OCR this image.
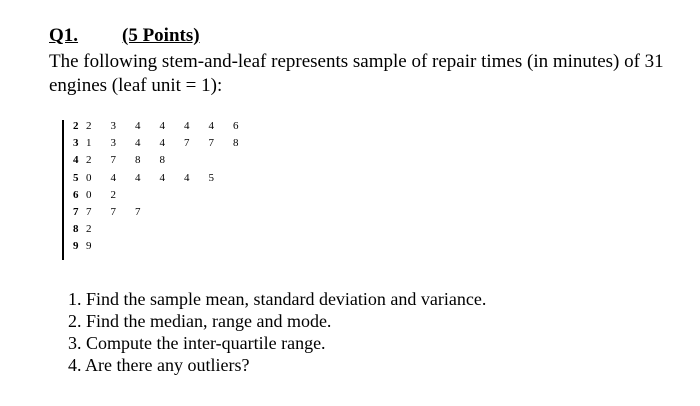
Q1. (5 Points)
The following stem-and-leaf represents sample of repair times (in minutes) of 31 engines (leaf unit = 1):
2 2 3 4 4 4 4 6
3 1 3 4 4 7 7 8
4 2 7 8 8
5 0 4 4 4 4 5
6 0 2
7 7 7 7
8 2
9 9
1. Find the sample mean, standard deviation and variance.
2. Find the median, range and mode.
3. Compute the inter-quartile range.
4. Are there any outliers?
